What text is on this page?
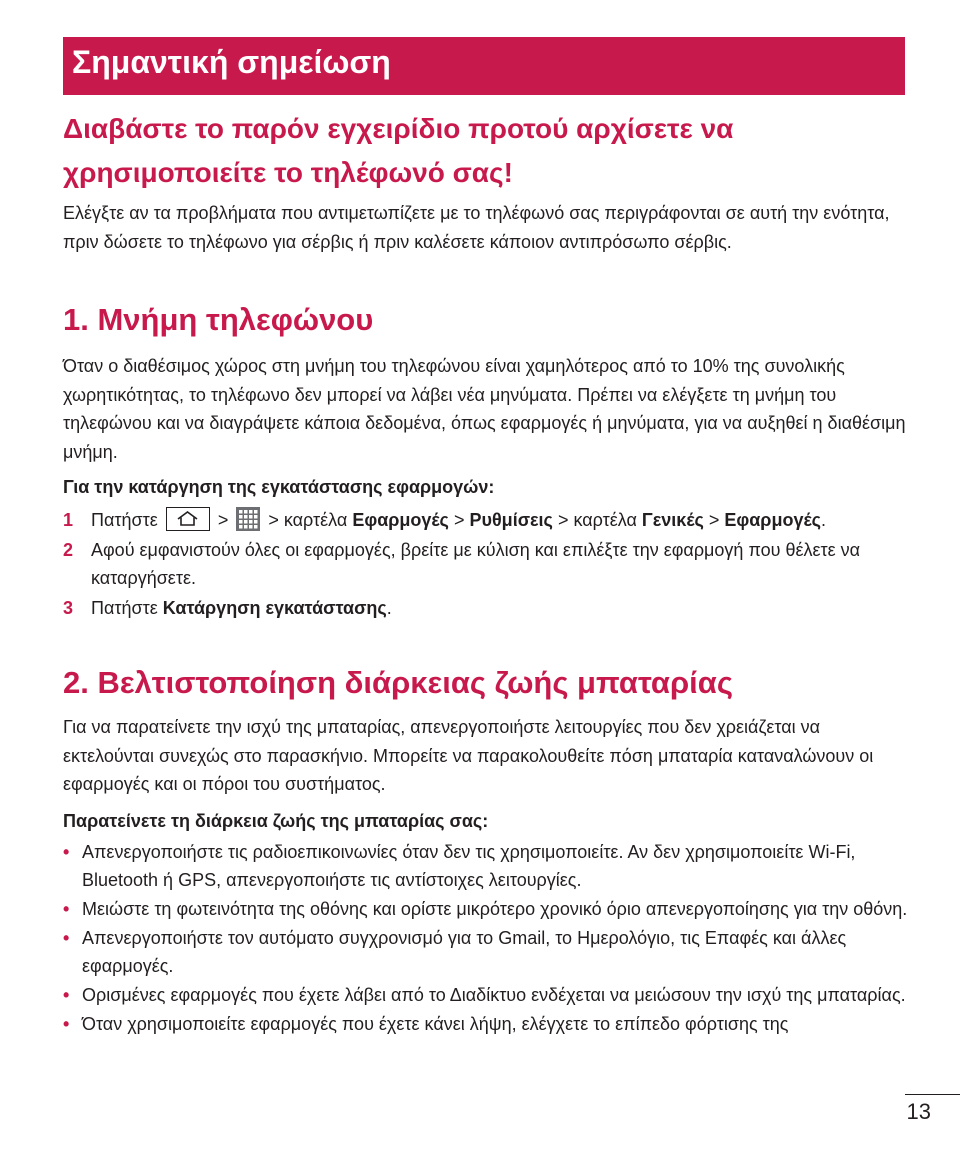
Σημαντική σημείωση
Διαβάστε το παρόν εγχειρίδιο προτού αρχίσετε να
χρησιμοποιείτε το τηλέφωνό σας!
Ελέγξτε αν τα προβλήματα που αντιμετωπίζετε με το τηλέφωνό σας περιγράφονται σε αυτή την ενότητα, πριν δώσετε το τηλέφωνο για σέρβις ή πριν καλέσετε κάποιον αντιπρόσωπο σέρβις.
1. Μνήμη τηλεφώνου
Όταν ο διαθέσιμος χώρος στη μνήμη του τηλεφώνου είναι χαμηλότερος από το 10% της συνολικής χωρητικότητας, το τηλέφωνο δεν μπορεί να λάβει νέα μηνύματα. Πρέπει να ελέγξετε τη μνήμη του τηλεφώνου και να διαγράψετε κάποια δεδομένα, όπως εφαρμογές ή μηνύματα, για να αυξηθεί η διαθέσιμη μνήμη.
Για την κατάργηση της εγκατάστασης εφαρμογών:
1 Πατήστε	> > καρτέλα Εφαρμογές > Ρυθμίσεις > καρτέλα Γενικές > Εφαρμογές.
2 Αφού εμφανιστούν όλες οι εφαρμογές, βρείτε με κύλιση και επιλέξτε την εφαρμογή που θέλετε να καταργήσετε.
3 Πατήστε Κατάργηση εγκατάστασης.
2. Βελτιστοποίηση διάρκειας ζωής μπαταρίας
Για να παρατείνετε την ισχύ της μπαταρίας, απενεργοποιήστε λειτουργίες που δεν χρειάζεται να εκτελούνται συνεχώς στο παρασκήνιο. Μπορείτε να παρακολουθείτε πόση μπαταρία καταναλώνουν οι εφαρμογές και οι πόροι του συστήματος.
Παρατείνετε τη διάρκεια ζωής της μπαταρίας σας:
• Απενεργοποιήστε τις ραδιοεπικοινωνίες όταν δεν τις χρησιμοποιείτε. Αν δεν χρησιμοποιείτε Wi-Fi, Bluetooth ή GPS, απενεργοποιήστε τις αντίστοιχες λειτουργίες.
• Μειώστε τη φωτεινότητα της οθόνης και ορίστε μικρότερο χρονικό όριο απενεργοποίησης για την οθόνη.
• Απενεργοποιήστε τον αυτόματο συγχρονισμό για το Gmail, το Ημερολόγιο, τις Επαφές και άλλες εφαρμογές.
• Ορισμένες εφαρμογές που έχετε λάβει από το Διαδίκτυο ενδέχεται να μειώσουν την ισχύ της μπαταρίας.
• Όταν χρησιμοποιείτε εφαρμογές που έχετε κάνει λήψη, ελέγχετε το επίπεδο φόρτισης της
13
